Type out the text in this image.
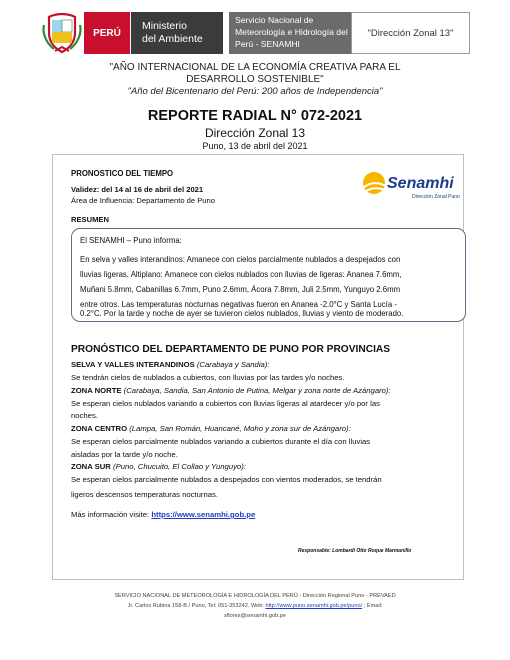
PERÚ
Ministerio
del Ambiente
Servicio Nacional de
Meteorología e Hidrología del
Perú - SENAMHI
"Dirección Zonal 13"
"AÑO INTERNACIONAL DE LA ECONOMÍA CREATIVA PARA EL
DESARROLLO SOSTENIBLE"
"Año del Bicentenario del Perú: 200 años de Independencia"
REPORTE RADIAL N° 072-2021
Dirección Zonal 13
Puno, 13 de abril del 2021
PRONOSTICO DEL TIEMPO
Validez: del 14 al 16 de abril del 2021
Área de Influencia: Departamento de Puno
RESUMEN
Senamhi
Dirección Zonal Puno
El SENAMHI – Puno informa:
En selva y valles interandinos: Amanece con cielos parcialmente nublados a despejados con
lluvias ligeras. Altiplano: Amanece con cielos nublados con lluvias de ligeras: Ananea 7.6mm,
Muñani 5.8mm, Cabanillas 6.7mm, Puno 2.6mm, Ácora 7.8mm, Juli 2.5mm, Yunguyo 2.6mm
entre otros. Las temperaturas nocturnas negativas fueron en Ananea -2.0°C y Santa Lucía -
0.2°C. Por la tarde y noche de ayer se tuvieron cielos nublados, lluvias y viento de moderado.
PRONÓSTICO DEL DEPARTAMENTO DE PUNO POR PROVINCIAS
SELVA Y VALLES INTERANDINOS (Carabaya y Sandia):
Se tendrán cielos de nublados a cubiertos, con lluvias por las tardes y/o noches.
ZONA NORTE (Carabaya, Sandia, San Antonio de Putina, Melgar y zona norte de Azángaro):
Se esperan cielos nublados variando a cubiertos con lluvias ligeras al atardecer y/o por las
noches.
ZONA CENTRO (Lampa, San Román, Huancané, Moho y zona sur de Azángaro):
Se esperan cielos parcialmente nublados variando a cubiertos durante el día con lluvias
aisladas por la tarde y/o noche.
ZONA SUR (Puno, Chucuito, El Collao y Yunguyo):
Se esperan cielos parcialmente nublados a despejados con vientos moderados, se tendrán
ligeros descensos temperaturas nocturnas.
Más información visite: https://www.senamhi.gob.pe
Responsable: Lombardi Otto Roque Marmanillo
SERVICIO NACIONAL DE METEOROLOGÍA E HIDROLOGÍA DEL PERÚ - Dirección Regional Puno - PREVAED
Jr. Carlos Rubina 158-B / Puno, Tel: 051-353242. Web: http://www.puno.senamhi.gob.pe/puno/ ; Email:
sflores@senamhi.gob.pe
